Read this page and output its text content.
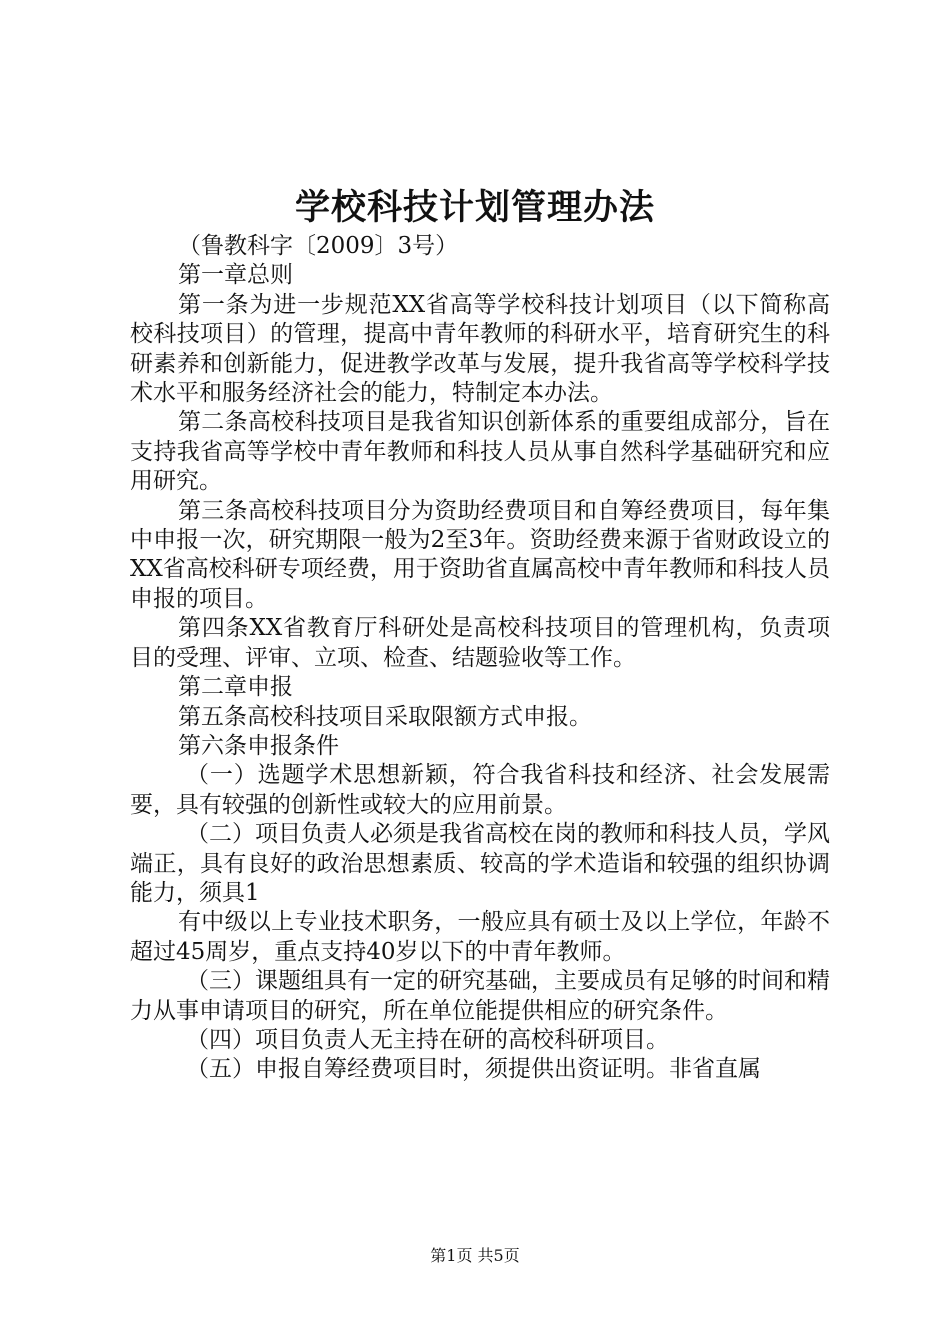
学校科技计划管理办法

（鲁教科字〔2009〕3号）

第一章总则

第一条为进一步规范XX省高等学校科技计划项目（以下简称高校科技项目）的管理，提高中青年教师的科研水平，培育研究生的科研素养和创新能力，促进教学改革与发展，提升我省高等学校科学技术水平和服务经济社会的能力，特制定本办法。

第二条高校科技项目是我省知识创新体系的重要组成部分，旨在支持我省高等学校中青年教师和科技人员从事自然科学基础研究和应用研究。

第三条高校科技项目分为资助经费项目和自筹经费项目，每年集中申报一次，研究期限一般为2至3年。资助经费来源于省财政设立的XX省高校科研专项经费，用于资助省直属高校中青年教师和科技人员申报的项目。

第四条XX省教育厅科研处是高校科技项目的管理机构，负责项目的受理、评审、立项、检查、结题验收等工作。

第二章申报

第五条高校科技项目采取限额方式申报。

第六条申报条件

（一）选题学术思想新颖，符合我省科技和经济、社会发展需要，具有较强的创新性或较大的应用前景。

（二）项目负责人必须是我省高校在岗的教师和科技人员，学风端正，具有良好的政治思想素质、较高的学术造诣和较强的组织协调能力，须具1

有中级以上专业技术职务，一般应具有硕士及以上学位，年龄不超过45周岁，重点支持40岁以下的中青年教师。

（三）课题组具有一定的研究基础，主要成员有足够的时间和精力从事申请项目的研究，所在单位能提供相应的研究条件。

（四）项目负责人无主持在研的高校科研项目。

（五）申报自筹经费项目时，须提供出资证明。非省直属

第1页 共5页
